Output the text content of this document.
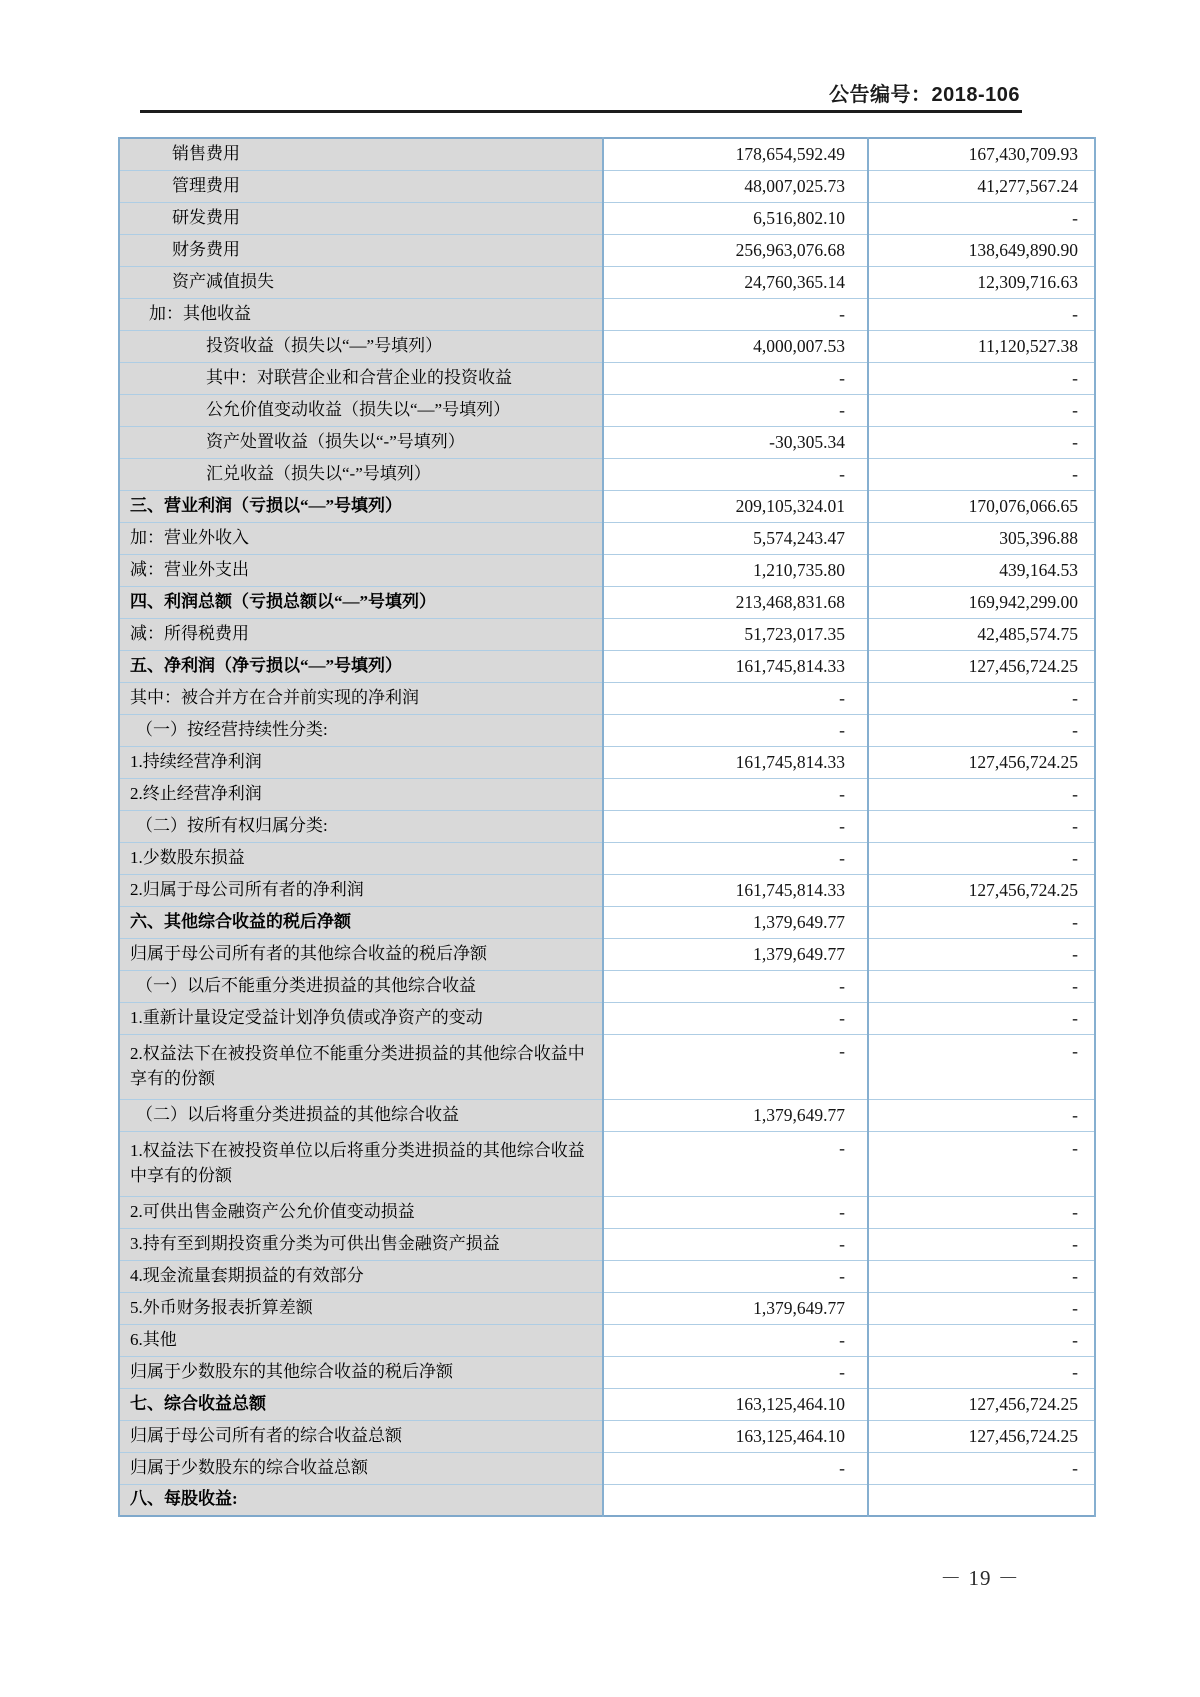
公告编号：2018-106
销售费用	178,654,592.49	167,430,709.93
管理费用	48,007,025.73	41,277,567.24
研发费用	6,516,802.10	-
财务费用	256,963,076.68	138,649,890.90
资产减值损失	24,760,365.14	12,309,716.63
加：其他收益	-	-
投资收益（损失以“—”号填列）	4,000,007.53	11,120,527.38
其中：对联营企业和合营企业的投资收益	-	-
公允价值变动收益（损失以“—”号填列）	-	-
资产处置收益（损失以“-”号填列）	-30,305.34	-
汇兑收益（损失以“-”号填列）	-	-
三、营业利润（亏损以“—”号填列）	209,105,324.01	170,076,066.65
加：营业外收入	5,574,243.47	305,396.88
减：营业外支出	1,210,735.80	439,164.53
四、利润总额（亏损总额以“—”号填列）	213,468,831.68	169,942,299.00
减：所得税费用	51,723,017.35	42,485,574.75
五、净利润（净亏损以“—”号填列）	161,745,814.33	127,456,724.25
其中：被合并方在合并前实现的净利润	-	-
（一）按经营持续性分类:	-	-
1.持续经营净利润	161,745,814.33	127,456,724.25
2.终止经营净利润	-	-
（二）按所有权归属分类:	-	-
1.少数股东损益	-	-
2.归属于母公司所有者的净利润	161,745,814.33	127,456,724.25
六、其他综合收益的税后净额	1,379,649.77	-
归属于母公司所有者的其他综合收益的税后净额	1,379,649.77	-
（一）以后不能重分类进损益的其他综合收益	-	-
1.重新计量设定受益计划净负债或净资产的变动	-	-
2.权益法下在被投资单位不能重分类进损益的其他综合收益中享有的份额	-	-
（二）以后将重分类进损益的其他综合收益	1,379,649.77	-
1.权益法下在被投资单位以后将重分类进损益的其他综合收益中享有的份额	-	-
2.可供出售金融资产公允价值变动损益	-	-
3.持有至到期投资重分类为可供出售金融资产损益	-	-
4.现金流量套期损益的有效部分	-	-
5.外币财务报表折算差额	1,379,649.77	-
6.其他	-	-
归属于少数股东的其他综合收益的税后净额	-	-
七、综合收益总额	163,125,464.10	127,456,724.25
归属于母公司所有者的综合收益总额	163,125,464.10	127,456,724.25
归属于少数股东的综合收益总额	-	-
八、每股收益:		
－ 19 －
